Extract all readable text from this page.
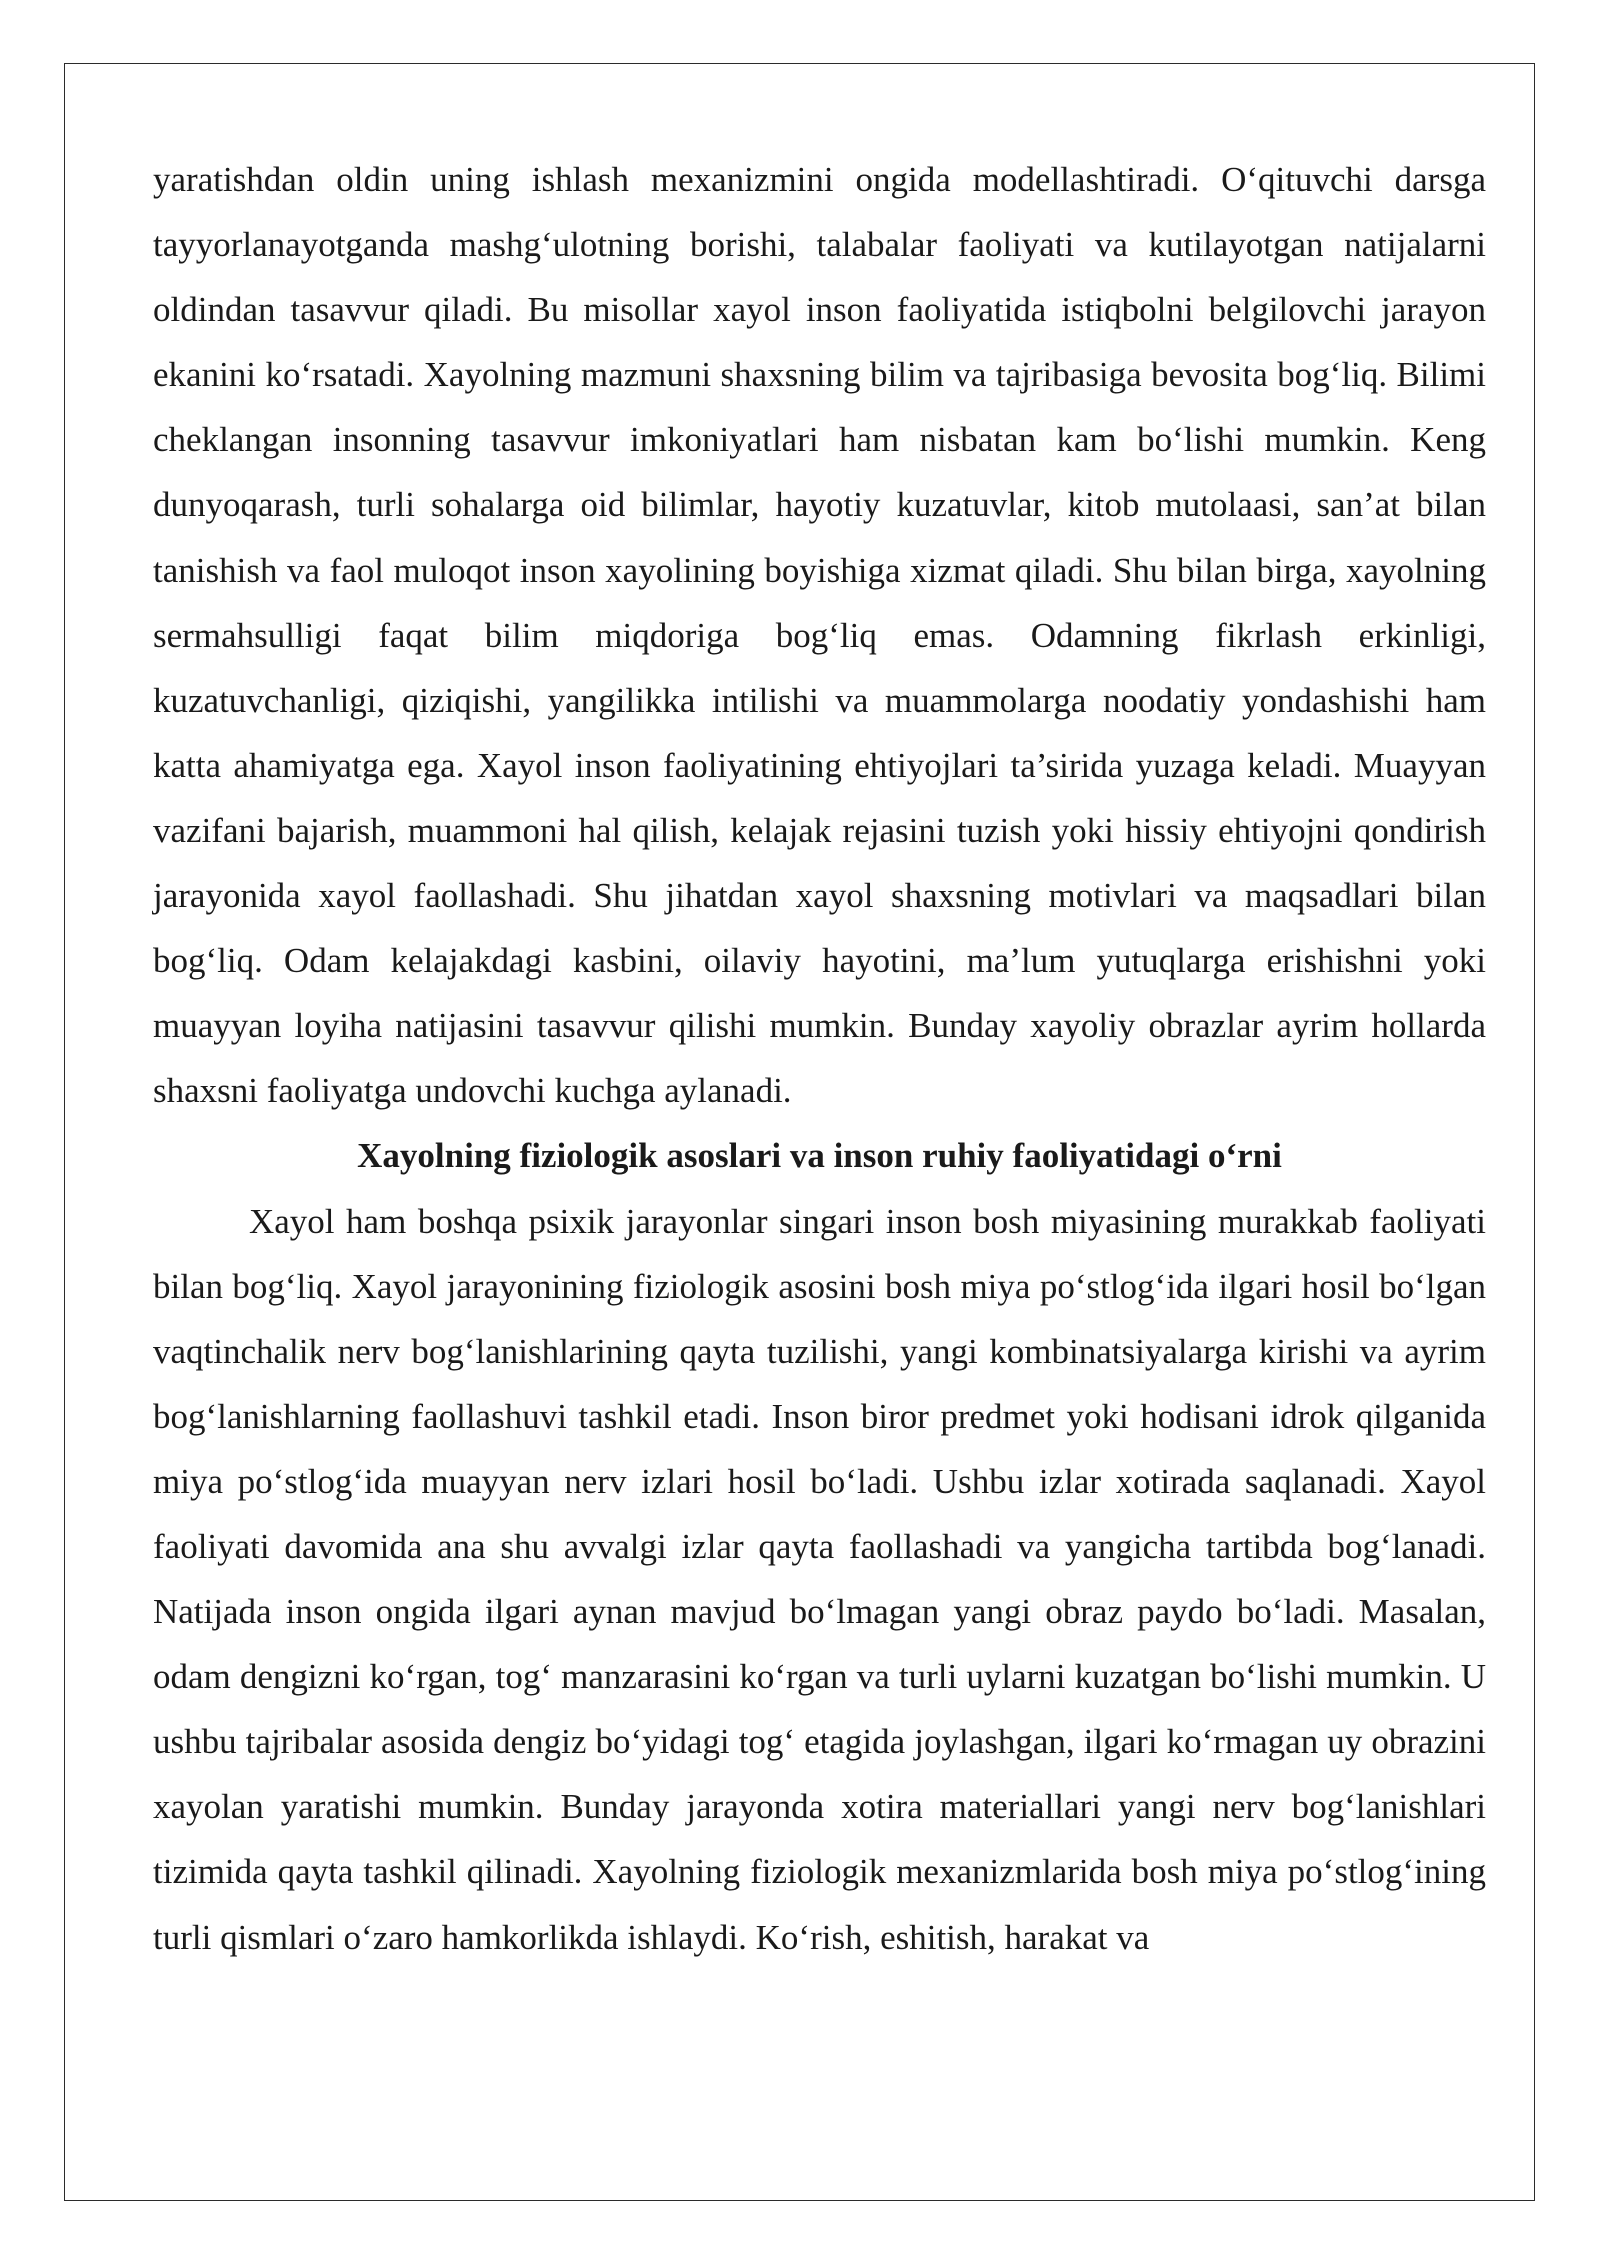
yaratishdan oldin uning ishlash mexanizmini ongida modellashtiradi. O‘qituvchi darsga tayyorlanayotganda mashg‘ulotning borishi, talabalar faoliyati va kutilayotgan natijalarni oldindan tasavvur qiladi. Bu misollar xayol inson faoliyatida istiqbolni belgilovchi jarayon ekanini ko‘rsatadi. Xayolning mazmuni shaxsning bilim va tajribasiga bevosita bog‘liq. Bilimi cheklangan insonning tasavvur imkoniyatlari ham nisbatan kam bo‘lishi mumkin. Keng dunyoqarash, turli sohalarga oid bilimlar, hayotiy kuzatuvlar, kitob mutolaasi, san’at bilan tanishish va faol muloqot inson xayolining boyishiga xizmat qiladi. Shu bilan birga, xayolning sermahsulligi faqat bilim miqdoriga bog‘liq emas. Odamning fikrlash erkinligi, kuzatuvchanligi, qiziqishi, yangilikka intilishi va muammolarga noodatiy yondashishi ham katta ahamiyatga ega. Xayol inson faoliyatining ehtiyojlari ta’sirida yuzaga keladi. Muayyan vazifani bajarish, muammoni hal qilish, kelajak rejasini tuzish yoki hissiy ehtiyojni qondirish jarayonida xayol faollashadi. Shu jihatdan xayol shaxsning motivlari va maqsadlari bilan bog‘liq. Odam kelajakdagi kasbini, oilaviy hayotini, ma’lum yutuqlarga erishishni yoki muayyan loyiha natijasini tasavvur qilishi mumkin. Bunday xayoliy obrazlar ayrim hollarda shaxsni faoliyatga undovchi kuchga aylanadi.

Xayolning fiziologik asoslari va inson ruhiy faoliyatidagi o‘rni

Xayol ham boshqa psixik jarayonlar singari inson bosh miyasining murakkab faoliyati bilan bog‘liq. Xayol jarayonining fiziologik asosini bosh miya po‘stlog‘ida ilgari hosil bo‘lgan vaqtinchalik nerv bog‘lanishlarining qayta tuzilishi, yangi kombinatsiyalarga kirishi va ayrim bog‘lanishlarning faollashuvi tashkil etadi. Inson biror predmet yoki hodisani idrok qilganida miya po‘stlog‘ida muayyan nerv izlari hosil bo‘ladi. Ushbu izlar xotirada saqlanadi. Xayol faoliyati davomida ana shu avvalgi izlar qayta faollashadi va yangicha tartibda bog‘lanadi. Natijada inson ongida ilgari aynan mavjud bo‘lmagan yangi obraz paydo bo‘ladi. Masalan, odam dengizni ko‘rgan, tog‘ manzarasini ko‘rgan va turli uylarni kuzatgan bo‘lishi mumkin. U ushbu tajribalar asosida dengiz bo‘yidagi tog‘ etagida joylashgan, ilgari ko‘rmagan uy obrazini xayolan yaratishi mumkin. Bunday jarayonda xotira materiallari yangi nerv bog‘lanishlari tizimida qayta tashkil qilinadi. Xayolning fiziologik mexanizmlarida bosh miya po‘stlog‘ining turli qismlari o‘zaro hamkorlikda ishlaydi. Ko‘rish, eshitish, harakat va
